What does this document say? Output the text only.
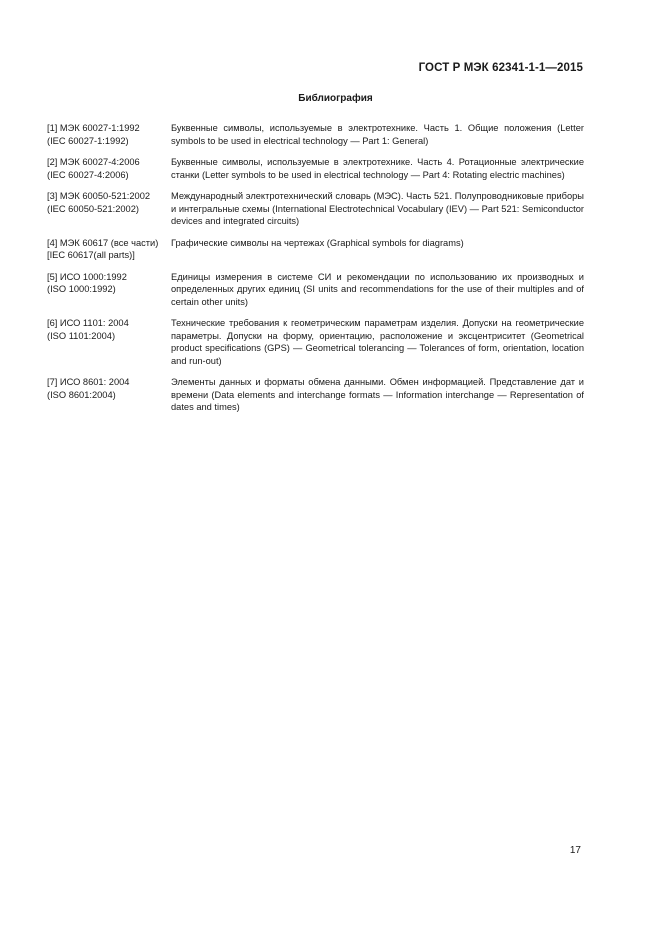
ГОСТ Р МЭК 62341-1-1—2015
Библиография
[1] МЭК 60027-1:1992
(IEC 60027-1:1992)
Буквенные символы, используемые в электротехнике. Часть 1. Общие положения (Letter symbols to be used in electrical technology — Part 1: General)
[2] МЭК 60027-4:2006
(IEC 60027-4:2006)
Буквенные символы, используемые в электротехнике. Часть 4. Ротационные электрические станки (Letter symbols to be used in electrical technology — Part 4: Rotating electric machines)
[3] МЭК 60050-521:2002
(IEC 60050-521:2002)
Международный электротехнический словарь (МЭС). Часть 521. Полупроводниковые приборы и интегральные схемы (International Electrotechnical Vocabulary (IEV) — Part 521: Semiconductor devices and integrated circuits)
[4] МЭК 60617 (все части)
[IEC 60617(all parts)]
Графические символы на чертежах (Graphical symbols for diagrams)
[5] ИСО 1000:1992
(ISO 1000:1992)
Единицы измерения в системе СИ и рекомендации по использованию их производных и определенных других единиц (SI units and recommendations for the use of their multiples and of certain other units)
[6] ИСО 1101: 2004
(ISO 1101:2004)
Технические требования к геометрическим параметрам изделия. Допуски на геометрические параметры. Допуски на форму, ориентацию, расположение и эксцентриситет (Geometrical product specifications (GPS) — Geometrical tolerancing — Tolerances of form, orientation, location and run-out)
[7] ИСО 8601: 2004
(ISO 8601:2004)
Элементы данных и форматы обмена данными. Обмен информацией. Представление дат и времени (Data elements and interchange formats — Information interchange — Representation of dates and times)
17
